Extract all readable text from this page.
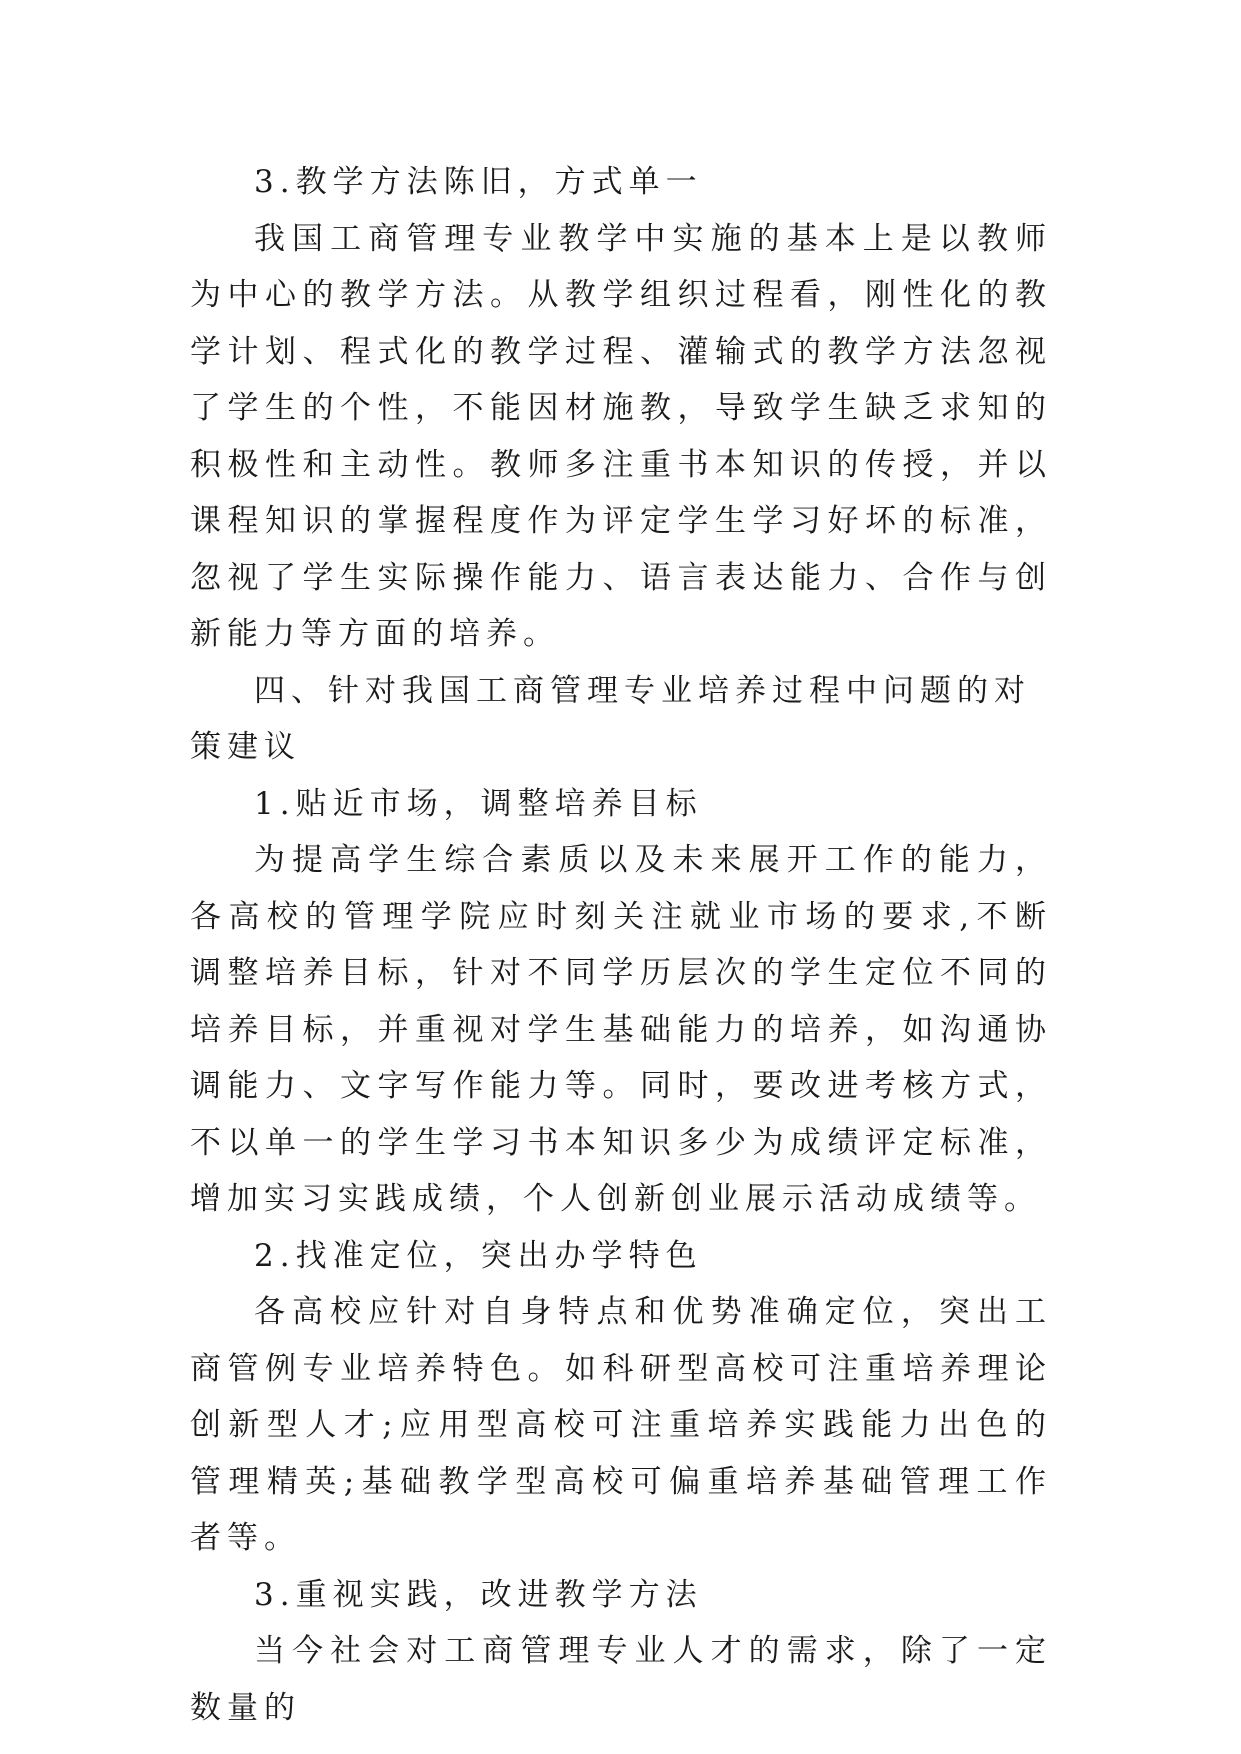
3.教学方法陈旧，方式单一

我国工商管理专业教学中实施的基本上是以教师为中心的教学方法。从教学组织过程看，刚性化的教学计划、程式化的教学过程、灌输式的教学方法忽视了学生的个性，不能因材施教，导致学生缺乏求知的积极性和主动性。教师多注重书本知识的传授，并以课程知识的掌握程度作为评定学生学习好坏的标准，忽视了学生实际操作能力、语言表达能力、合作与创新能力等方面的培养。

四、针对我国工商管理专业培养过程中问题的对策建议

1.贴近市场，调整培养目标

为提高学生综合素质以及未来展开工作的能力，各高校的管理学院应时刻关注就业市场的要求,不断调整培养目标，针对不同学历层次的学生定位不同的培养目标，并重视对学生基础能力的培养，如沟通协调能力、文字写作能力等。同时，要改进考核方式，不以单一的学生学习书本知识多少为成绩评定标准，增加实习实践成绩，个人创新创业展示活动成绩等。

2.找准定位，突出办学特色

各高校应针对自身特点和优势准确定位，突出工商管例专业培养特色。如科研型高校可注重培养理论创新型人才;应用型高校可注重培养实践能力出色的管理精英;基础教学型高校可偏重培养基础管理工作者等。

3.重视实践，改进教学方法

当今社会对工商管理专业人才的需求，除了一定数量的
